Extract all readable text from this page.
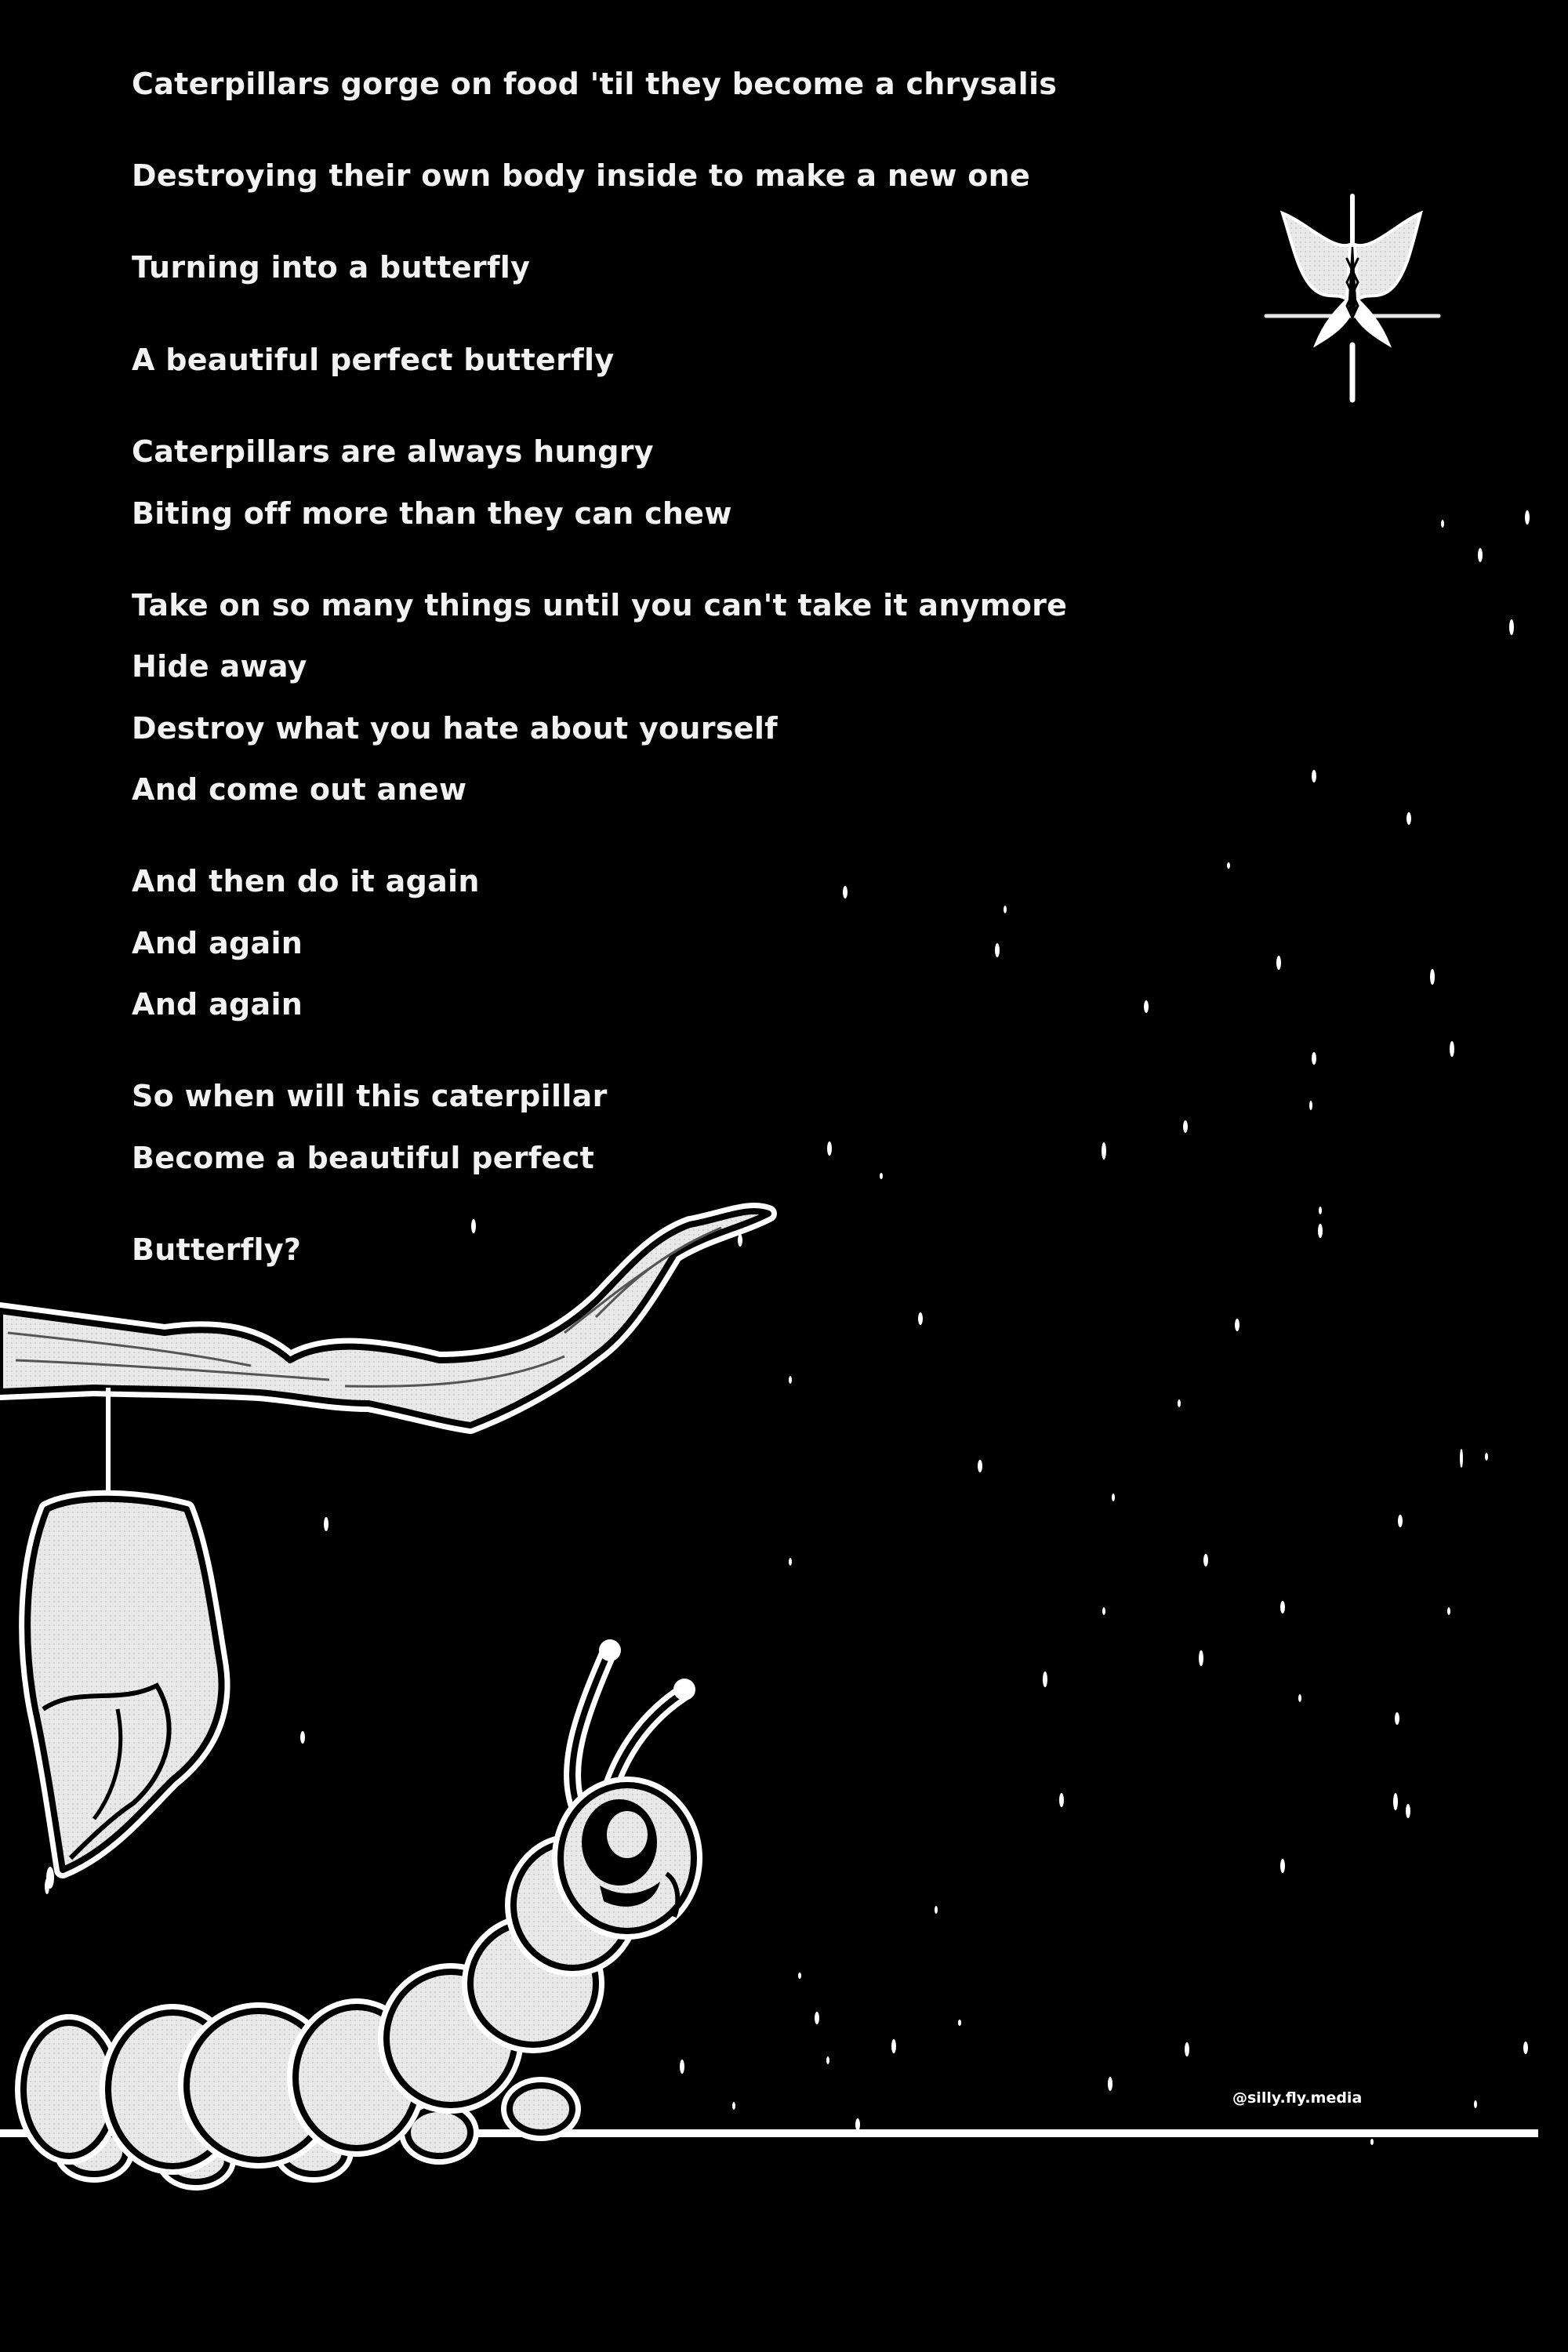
Caterpillars gorge on food 'til they become a chrysalis

Destroying their own body inside to make a new one

Turning into a butterfly

A beautiful perfect butterfly

Caterpillars are always hungry

Biting off more than they can chew

Take on so many things until you can't take it anymore

Hide away

Destroy what you hate about yourself

And come out anew

And then do it again

And again

And again

So when will this caterpillar

Become a beautiful perfect

Butterfly?

@silly.fly.media
